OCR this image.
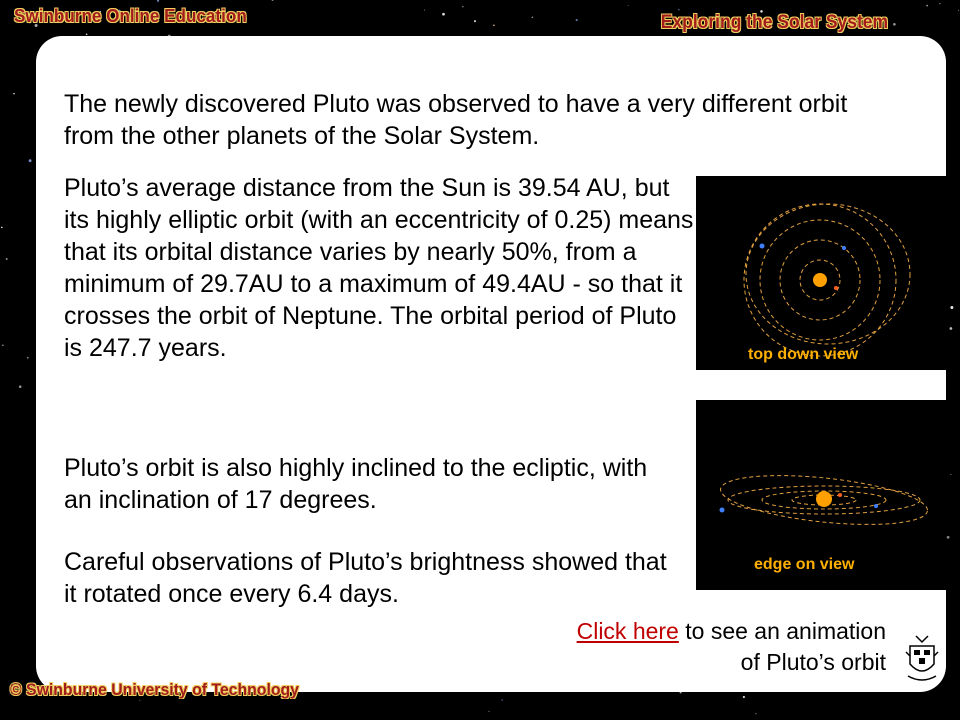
Swinburne Online Education	Exploring the Solar System
© Swinburne University of Technology

The newly discovered Pluto was observed to have a very different orbit from the other planets of the Solar System.

Pluto’s average distance from the Sun is 39.54 AU, but its highly elliptic orbit (with an eccentricity of 0.25) means that its orbital distance varies by nearly 50%, from a minimum of 29.7AU to a maximum of 49.4AU - so that it crosses the orbit of Neptune. The orbital period of Pluto is 247.7 years.

Pluto’s orbit is also highly inclined to the ecliptic, with an inclination of 17 degrees.

Careful observations of Pluto’s brightness showed that it rotated once every 6.4 days.

top down view
edge on view
Click here to see an animation of Pluto’s orbit
